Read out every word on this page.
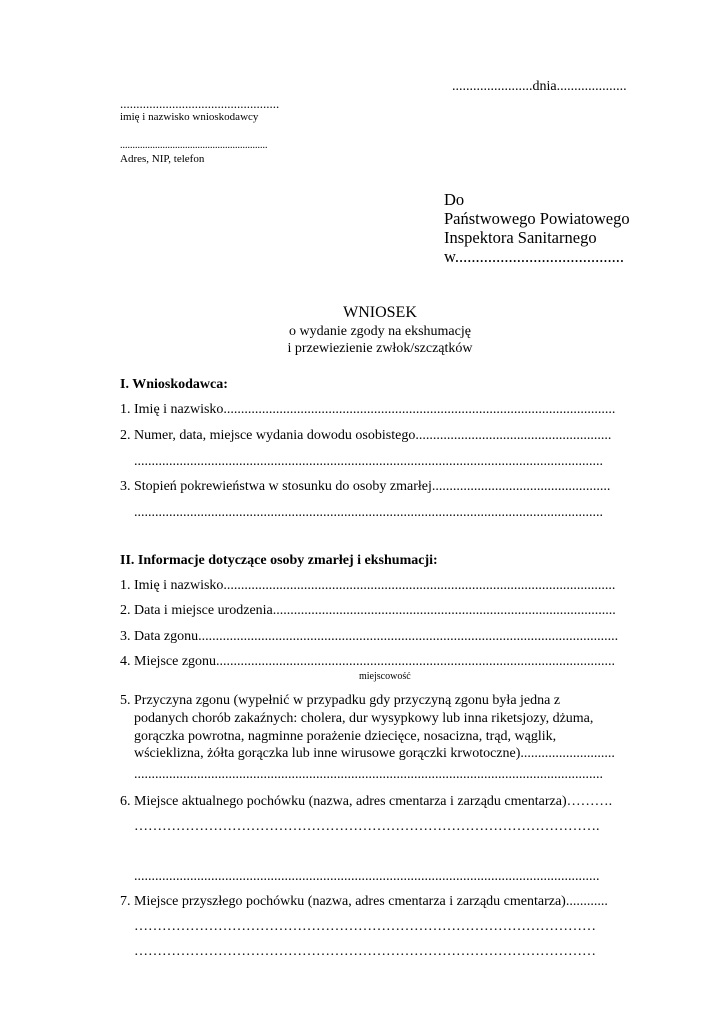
.......................dnia....................
.................................................
imię i nazwisko wnioskodawcy
...........................................................
Adres, NIP, telefon
Do
Państwowego Powiatowego
Inspektora Sanitarnego
w.........................................
WNIOSEK
o wydanie zgody na ekshumację
i przewiezienie zwłok/szczątków
I. Wnioskodawca:
1. Imię i nazwisko................................................................................................................
2. Numer, data, miejsce wydania dowodu osobistego........................................................
......................................................................................................................................
3. Stopień pokrewieństwa w stosunku do osoby zmarłej...................................................
......................................................................................................................................
II. Informacje dotyczące osoby zmarłej i ekshumacji:
1. Imię i nazwisko................................................................................................................
2. Data i miejsce urodzenia..................................................................................................
3. Data zgonu........................................................................................................................
4. Miejsce zgonu..................................................................................................................
miejscowość
5. Przyczyna zgonu (wypełnić w przypadku gdy przyczyną zgonu była jedna z
podanych chorób zakaźnych: cholera, dur wysypkowy lub inna riketsjozy, dżuma,
gorączka powrotna, nagminne porażenie dziecięce, nosacizna, trąd, wąglik,
wścieklizna, żółta gorączka lub inne wirusowe gorączki krwotoczne)...........................
......................................................................................................................................
6. Miejsce aktualnego pochówku (nazwa, adres cmentarza i zarządu cmentarza)……….
……………………………………………………………………………………….
.....................................................................................................................................
7. Miejsce przyszłego pochówku (nazwa, adres cmentarza i zarządu cmentarza)............
………………………………………………………………………………………
………………………………………………………………………………………
